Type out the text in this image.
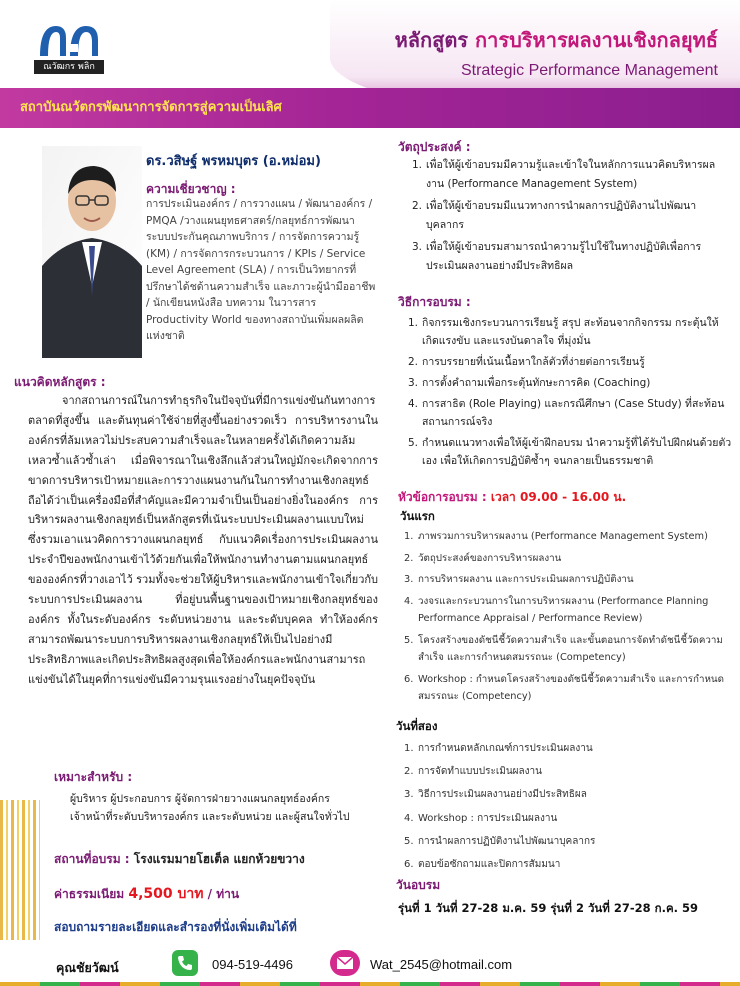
ณวัฒกร พลิกองค์กร
หลักสูตร การบริหารผลงานเชิงกลยุทธ์
Strategic Performance Management
สถาบันณวัตกรพัฒนาการจัดการสู่ความเป็นเลิศ
ดร.วสิษฐ์ พรหมบุตร (อ.หม่อม)
ความเชี่ยวชาญ :
การประเมินองค์กร / การวางแผน / พัฒนาองค์กร / PMQA /วางแผนยุทธศาสตร์/กลยุทธ์การพัฒนาระบบประกันคุณภาพบริการ / การจัดการความรู้ (KM) / การจัดการกระบวนการ / KPIs / Service Level Agreement (SLA) / การเป็นวิทยากรที่ปรึกษาได้ชด้านความสำเร็จ และภาวะผู้นำมืออาชีพ / นักเขียนหนังสือ บทความ ในวารสาร Productivity World ของทางสถาบันเพิ่มผลผลิตแห่งชาติ
แนวคิดหลักสูตร :

จากสถานการณ์ในการทำธุรกิจในปัจจุบันที่มีการแข่งขันกันทางการตลาดที่สูงขึ้น และต้นทุนค่าใช้จ่ายที่สูงขึ้นอย่างรวดเร็ว การบริหารงานในองค์กรที่ล้มเหลวไม่ประสบความสำเร็จและในหลายครั้งได้เกิดความล้มเหลวซ้ำแล้วซ้ำเล่า เมื่อพิจารณาในเชิงลึกแล้วส่วนใหญ่มักจะเกิดจากการขาดการบริหารเป้าหมายและการวางแผนงานกันในการทำงานเชิงกลยุทธ์ถือได้ว่าเป็นเครื่องมือที่สำคัญและมีความจำเป็นเป็นอย่างยิ่งในองค์กร การบริหารผลงานเชิงกลยุทธ์เป็นหลักสูตรที่เน้นระบบประเมินผลงานแบบใหม่ ซึ่งรวมเอาแนวคิดการวางแผนกลยุทธ์ กับแนวคิดเรื่องการประเมินผลงานประจำปีของพนักงานเข้าไว้ด้วยกันเพื่อให้พนักงานทำงานตามแผนกลยุทธ์ขององค์กรที่วางเอาไว้ รวมทั้งจะช่วยให้ผู้บริหารและพนักงานเข้าใจเกี่ยวกับระบบการประเมินผลงาน ที่อยู่บนพื้นฐานของเป้าหมายเชิงกลยุทธ์ขององค์กร ทั้งในระดับองค์กร ระดับหน่วยงาน และระดับบุคคล ทำให้องค์กรสามารถพัฒนาระบบการบริหารผลงานเชิงกลยุทธ์ให้เป็นไปอย่างมีประสิทธิภาพและเกิดประสิทธิผลสูงสุดเพื่อให้องค์กรและพนักงานสามารถแข่งขันได้ในยุคที่การแข่งขันมีความรุนแรงอย่างในยุคปัจจุบัน

เหมาะสำหรับ :
ผู้บริหาร ผู้ประกอบการ ผู้จัดการฝ่ายวางแผนกลยุทธ์องค์กร
เจ้าหน้าที่ระดับบริหารองค์กร และระดับหน่วย และผู้สนใจทั่วไป
สถานที่อบรม : โรงแรมมายโฮเต็ล แยกห้วยขวาง
ค่าธรรมเนียม 4,500 บาท / ท่าน
สอบถามรายละเอียดและสำรองที่นั่งเพิ่มเติมได้ที่
คุณชัยวัฒน์	094-519-4496	Wat_2545@hotmail.com
วัตถุประสงค์ :
1. เพื่อให้ผู้เข้าอบรมมีความรู้และเข้าใจในหลักการแนวคิดบริหารผลงาน (Performance Management System)
2. เพื่อให้ผู้เข้าอบรมมีแนวทางการนำผลการปฏิบัติงานไปพัฒนาบุคลากร
3. เพื่อให้ผู้เข้าอบรมสามารถนำความรู้ไปใช้ในทางปฏิบัติเพื่อการประเมินผลงานอย่างมีประสิทธิผล
วิธีการอบรม :
1. กิจกรรมเชิงกระบวนการเรียนรู้ สรุป สะท้อนจากกิจกรรม กระตุ้นให้เกิดแรงขับ และแรงบันดาลใจ ที่มุ่งมั่น
2. การบรรยายที่เน้นเนื้อหาใกล้ตัวที่ง่ายต่อการเรียนรู้
3. การตั้งคำถามเพื่อกระตุ้นทักษะการคิด (Coaching)
4. การสาธิต (Role Playing) และกรณีศึกษา (Case Study) ที่สะท้อนสถานการณ์จริง
5. กำหนดแนวทางเพื่อให้ผู้เข้าฝึกอบรม นำความรู้ที่ได้รับไปฝึกฝนด้วยตัวเอง เพื่อให้เกิดการปฏิบัติซ้ำๆ จนกลายเป็นธรรมชาติ
หัวข้อการอบรม : เวลา 09.00 - 16.00 น.
วันแรก
1. ภาพรวมการบริหารผลงาน (Performance Management System)
2. วัตถุประสงค์ของการบริหารผลงาน
3. การบริหารผลงาน และการประเมินผลการปฏิบัติงาน
4. วงจรและกระบวนการในการบริหารผลงาน (Performance Planning Performance Appraisal / Performance Review)
5. โครงสร้างของดัชนีชี้วัดความสำเร็จ และขั้นตอนการจัดทำดัชนีชี้วัดความสำเร็จ และการกำหนดสมรรถนะ (Competency)
6. Workshop : กำหนดโครงสร้างของดัชนีชี้วัดความสำเร็จ และการกำหนดสมรรถนะ (Competency)
วันที่สอง
1. การกำหนดหลักเกณฑ์การประเมินผลงาน
2. การจัดทำแบบประเมินผลงาน
3. วิธีการประเมินผลงานอย่างมีประสิทธิผล
4. Workshop : การประเมินผลงาน
5. การนำผลการปฏิบัติงานไปพัฒนาบุคลากร
6. ตอบข้อซักถามและปิดการสัมมนา
วันอบรม
รุ่นที่ 1 วันที่ 27-28 ม.ค. 59 รุ่นที่ 2 วันที่ 27-28 ก.ค. 59
